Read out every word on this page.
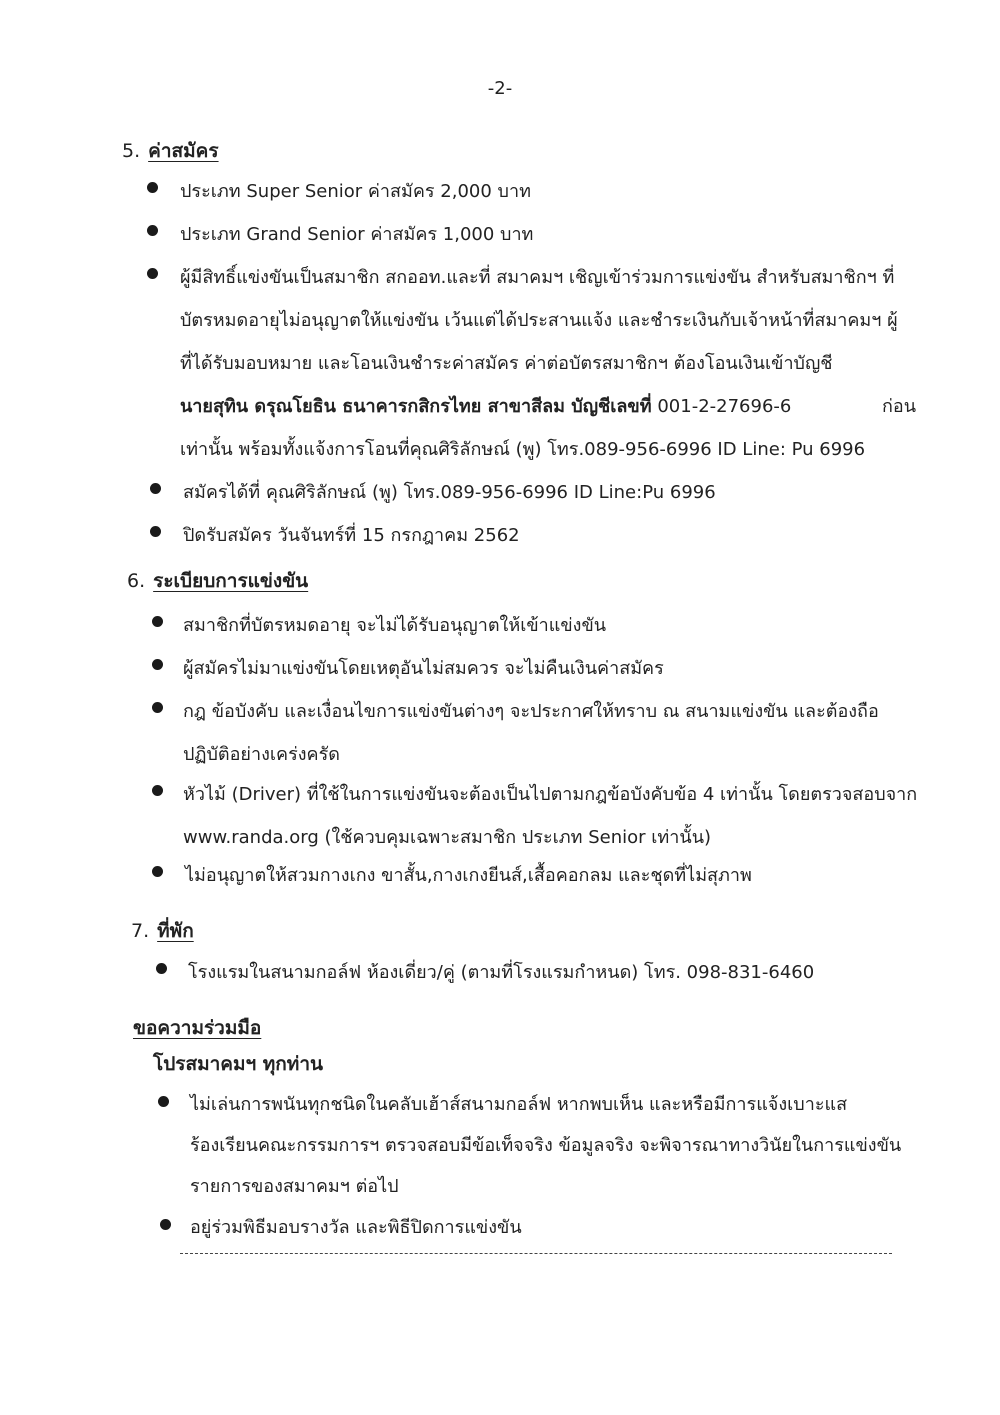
-2-
5. ค่าสมัคร
ประเภท Super Senior ค่าสมัคร 2,000 บาท
ประเภท Grand Senior ค่าสมัคร 1,000 บาท
ผู้มีสิทธิ์แข่งขันเป็นสมาชิก สกออท.และที่ สมาคมฯ เชิญเข้าร่วมการแข่งขัน สำหรับสมาชิกฯ ที่
บัตรหมดอายุไม่อนุญาตให้แข่งขัน เว้นแต่ได้ประสานแจ้ง และชำระเงินกับเจ้าหน้าที่สมาคมฯ ผู้
ที่ได้รับมอบหมาย และโอนเงินชำระค่าสมัคร ค่าต่อบัตรสมาชิกฯ ต้องโอนเงินเข้าบัญชี
นายสุทิน ดรุณโยธิน ธนาคารกสิกรไทย สาขาสีลม บัญชีเลขที่ 001-2-27696-6	ก่อน
เท่านั้น พร้อมทั้งแจ้งการโอนที่คุณศิริลักษณ์ (พู) โทร.089-956-6996 ID Line: Pu 6996
สมัครได้ที่ คุณศิริลักษณ์ (พู) โทร.089-956-6996 ID Line:Pu 6996
ปิดรับสมัคร วันจันทร์ที่ 15 กรกฎาคม 2562
6. ระเบียบการแข่งขัน
สมาชิกที่บัตรหมดอายุ จะไม่ได้รับอนุญาตให้เข้าแข่งขัน
ผู้สมัครไม่มาแข่งขันโดยเหตุอันไม่สมควร จะไม่คืนเงินค่าสมัคร
กฎ ข้อบังคับ และเงื่อนไขการแข่งขันต่างๆ จะประกาศให้ทราบ ณ สนามแข่งขัน และต้องถือ
ปฏิบัติอย่างเคร่งครัด
หัวไม้ (Driver) ที่ใช้ในการแข่งขันจะต้องเป็นไปตามกฎข้อบังคับข้อ 4 เท่านั้น โดยตรวจสอบจาก
www.randa.org (ใช้ควบคุมเฉพาะสมาชิก ประเภท Senior เท่านั้น)
ไม่อนุญาตให้สวมกางเกง ขาสั้น,กางเกงยีนส์,เสื้อคอกลม และชุดที่ไม่สุภาพ
7. ที่พัก
โรงแรมในสนามกอล์ฟ ห้องเดี่ยว/คู่ (ตามที่โรงแรมกำหนด) โทร. 098-831-6460
ขอความร่วมมือ
โปรสมาคมฯ ทุกท่าน
ไม่เล่นการพนันทุกชนิดในคลับเฮ้าส์สนามกอล์ฟ หากพบเห็น และหรือมีการแจ้งเบาะแส
ร้องเรียนคณะกรรมการฯ ตรวจสอบมีข้อเท็จจริง ข้อมูลจริง จะพิจารณาทางวินัยในการแข่งขัน
รายการของสมาคมฯ ต่อไป
อยู่ร่วมพิธีมอบรางวัล และพิธีปิดการแข่งขัน
